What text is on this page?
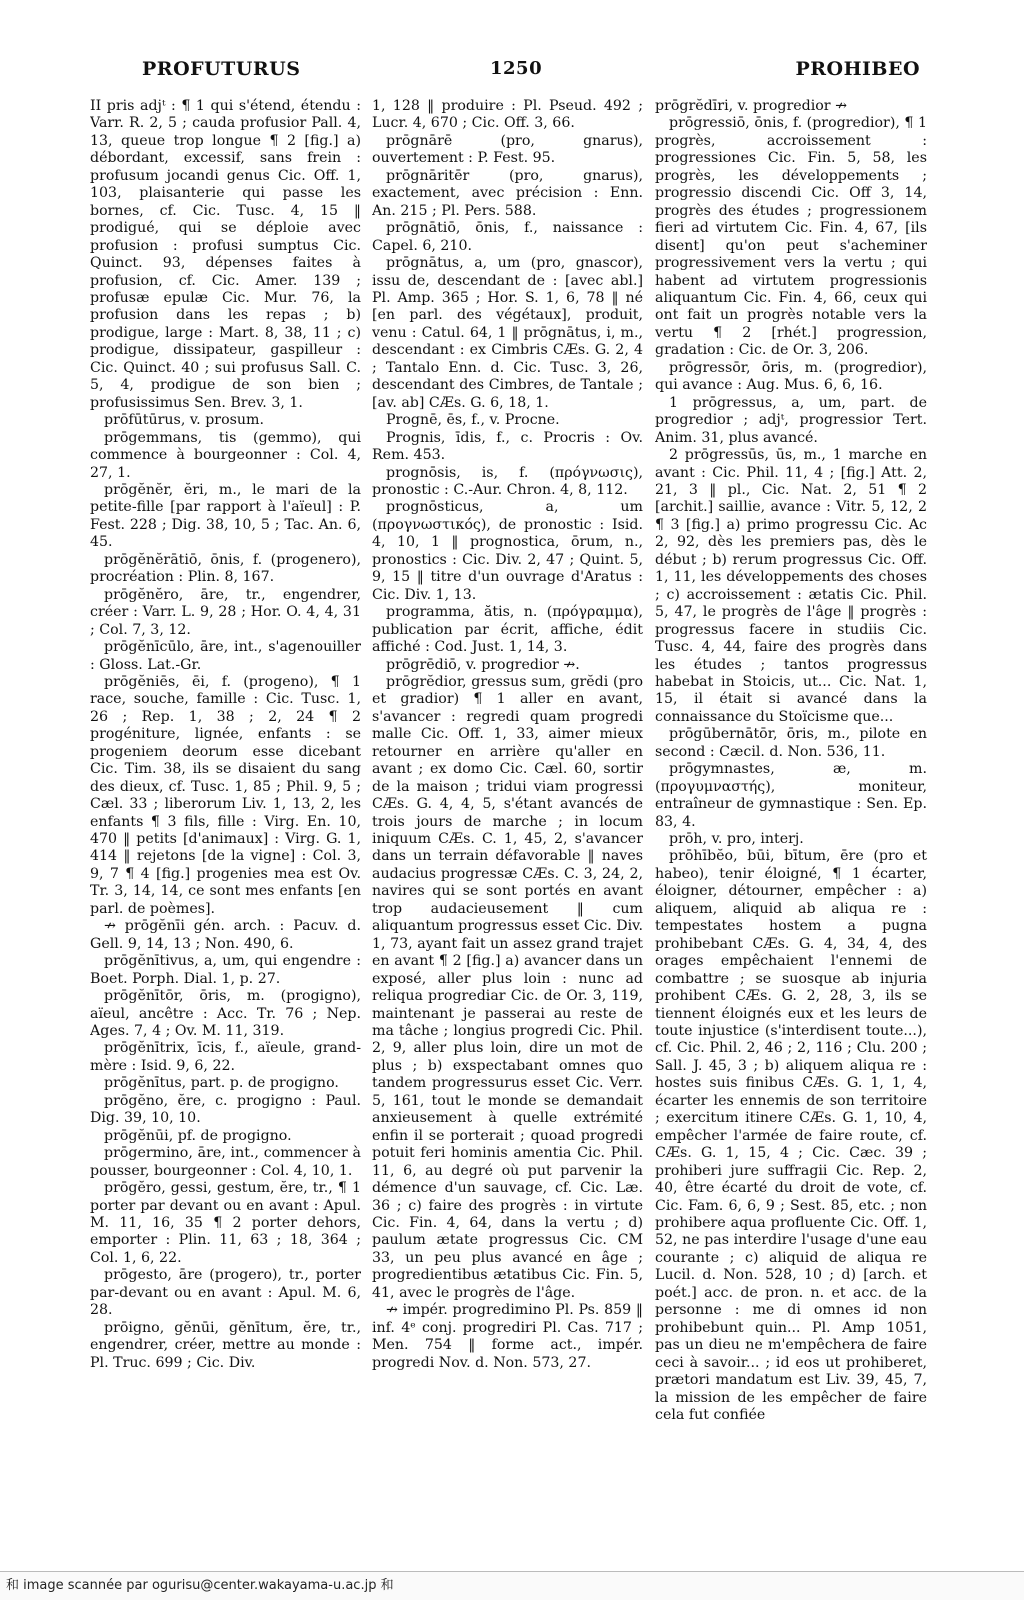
PROFUTURUS	1250	PROHIBEO

II pris adjᵗ : ¶ 1 qui s'étend, étendu : Varr. R. 2, 5 ; cauda profusior Pall. 4, 13, queue trop longue ¶ 2 [fig.] a) débordant, excessif, sans frein : profusum jocandi genus Cic. Off. 1, 103, plaisanterie qui passe les bornes, cf. Cic. Tusc. 4, 15 ‖ prodigué, qui se déploie avec profusion : profusi sumptus Cic. Quinct. 93, dépenses faites à profusion, cf. Cic. Amer. 139 ; profusæ epulæ Cic. Mur. 76, la profusion dans les repas ; b) prodigue, large : Mart. 8, 38, 11 ; c) prodigue, dissipateur, gaspilleur : Cic. Quinct. 40 ; sui profusus Sall. C. 5, 4, prodigue de son bien ; profusissimus Sen. Brev. 3, 1.

prōfūtūrus, v. prosum.

prōgemmans, tis (gemmo), qui commence à bourgeonner : Col. 4, 27, 1.

prōgĕnĕr, ĕri, m., le mari de la petite-fille [par rapport à l'aïeul] : P. Fest. 228 ; Dig. 38, 10, 5 ; Tac. An. 6, 45.

prōgĕnĕrātiō, ōnis, f. (progenero), procréation : Plin. 8, 167.

prōgĕnĕro, āre, tr., engendrer, créer : Varr. L. 9, 28 ; Hor. O. 4, 4, 31 ; Col. 7, 3, 12.

prōgĕnīcūlo, āre, int., s'agenouiller : Gloss. Lat.-Gr.

prōgĕniēs, ēi, f. (progeno), ¶ 1 race, souche, famille : Cic. Tusc. 1, 26 ; Rep. 1, 38 ; 2, 24 ¶ 2 progéniture, lignée, enfants : se progeniem deorum esse dicebant Cic. Tim. 38, ils se disaient du sang des dieux, cf. Tusc. 1, 85 ; Phil. 9, 5 ; Cæl. 33 ; liberorum Liv. 1, 13, 2, les enfants ¶ 3 fils, fille : Virg. En. 10, 470 ‖ petits [d'animaux] : Virg. G. 1, 414 ‖ rejetons [de la vigne] : Col. 3, 9, 7 ¶ 4 [fig.] progenies mea est Ov. Tr. 3, 14, 14, ce sont mes enfants [en parl. de poèmes].

↛ prōgĕnīi gén. arch. : Pacuv. d. Gell. 9, 14, 13 ; Non. 490, 6.

prōgĕnītivus, a, um, qui engendre : Boet. Porph. Dial. 1, p. 27.

prōgĕnītōr, ōris, m. (progigno), aïeul, ancêtre : Acc. Tr. 76 ; Nep. Ages. 7, 4 ; Ov. M. 11, 319.

prōgĕnītrix, īcis, f., aïeule, grand-mère : Isid. 9, 6, 22.

prōgĕnītus, part. p. de progigno.

prōgĕno, ĕre, c. progigno : Paul. Dig. 39, 10, 10.

prōgĕnūi, pf. de progigno.

prōgermino, āre, int., commencer à pousser, bourgeonner : Col. 4, 10, 1.

prōgĕro, gessi, gestum, ĕre, tr., ¶ 1 porter par devant ou en avant : Apul. M. 11, 16, 35 ¶ 2 porter dehors, emporter : Plin. 11, 63 ; 18, 364 ; Col. 1, 6, 22.

prōgesto, āre (progero), tr., porter par-devant ou en avant : Apul. M. 6, 28.

prōigno, gĕnūi, gĕnītum, ĕre, tr., engendrer, créer, mettre au monde : Pl. Truc. 699 ; Cic. Div.

1, 128 ‖ produire : Pl. Pseud. 492 ; Lucr. 4, 670 ; Cic. Off. 3, 66.

prōgnārē (pro, gnarus), ouvertement : P. Fest. 95.

prōgnāritēr (pro, gnarus), exactement, avec précision : Enn. An. 215 ; Pl. Pers. 588.

prōgnātiō, ōnis, f., naissance : Capel. 6, 210.

prōgnātus, a, um (pro, gnascor), issu de, descendant de : [avec abl.] Pl. Amp. 365 ; Hor. S. 1, 6, 78 ‖ né [en parl. des végétaux], produit, venu : Catul. 64, 1 ‖ prōgnātus, i, m., descendant : ex Cimbris CÆs. G. 2, 4 ; Tantalo Enn. d. Cic. Tusc. 3, 26, descendant des Cimbres, de Tantale ; [av. ab] CÆs. G. 6, 18, 1.

Prognē, ēs, f., v. Procne.

Prognis, īdis, f., c. Procris : Ov. Rem. 453.

prognōsis, is, f. (πρόγνωσις), pronostic : C.-Aur. Chron. 4, 8, 112.

prognōsticus, a, um (προγνωστικός), de pronostic : Isid. 4, 10, 1 ‖ prognostica, ōrum, n., pronostics : Cic. Div. 2, 47 ; Quint. 5, 9, 15 ‖ titre d'un ouvrage d'Aratus : Cic. Div. 1, 13.

programma, ătis, n. (πρόγραμμα), publication par écrit, affiche, édit affiché : Cod. Just. 1, 14, 3.

prōgrēdiō, v. progredior ↛.

prōgrĕdior, gressus sum, grĕdi (pro et gradior) ¶ 1 aller en avant, s'avancer : regredi quam progredi malle Cic. Off. 1, 33, aimer mieux retourner en arrière qu'aller en avant ; ex domo Cic. Cæl. 60, sortir de la maison ; tridui viam progressi CÆs. G. 4, 4, 5, s'étant avancés de trois jours de marche ; in locum iniquum CÆs. C. 1, 45, 2, s'avancer dans un terrain défavorable ‖ naves audacius progressæ CÆs. C. 3, 24, 2, navires qui se sont portés en avant trop audacieusement ‖ cum aliquantum progressus esset Cic. Div. 1, 73, ayant fait un assez grand trajet en avant ¶ 2 [fig.] a) avancer dans un exposé, aller plus loin : nunc ad reliqua progrediar Cic. de Or. 3, 119, maintenant je passerai au reste de ma tâche ; longius progredi Cic. Phil. 2, 9, aller plus loin, dire un mot de plus ; b) exspectabant omnes quo tandem progressurus esset Cic. Verr. 5, 161, tout le monde se demandait anxieusement à quelle extrémité enfin il se porterait ; quoad progredi potuit feri hominis amentia Cic. Phil. 11, 6, au degré où put parvenir la démence d'un sauvage, cf. Cic. Læ. 36 ; c) faire des progrès : in virtute Cic. Fin. 4, 64, dans la vertu ; d) paulum ætate progressus Cic. CM 33, un peu plus avancé en âge ; progredientibus ætatibus Cic. Fin. 5, 41, avec le progrès de l'âge.

↛ impér. progredimino Pl. Ps. 859 ‖ inf. 4ᵉ conj. progrediri Pl. Cas. 717 ; Men. 754 ‖ forme act., impér. progredi Nov. d. Non. 573, 27.

prōgrĕdīri, v. progredior ↛

prōgressiō, ōnis, f. (progredior), ¶ 1 progrès, accroissement : progressiones Cic. Fin. 5, 58, les progrès, les développements ; progressio discendi Cic. Off 3, 14, progrès des études ; progressionem fieri ad virtutem Cic. Fin. 4, 67, [ils disent] qu'on peut s'acheminer progressivement vers la vertu ; qui habent ad virtutem progressionis aliquantum Cic. Fin. 4, 66, ceux qui ont fait un progrès notable vers la vertu ¶ 2 [rhét.] progression, gradation : Cic. de Or. 3, 206.

prōgressōr, ōris, m. (progredior), qui avance : Aug. Mus. 6, 6, 16.

1 prōgressus, a, um, part. de progredior ; adjᵗ, progressior Tert. Anim. 31, plus avancé.

2 prōgressūs, ūs, m., 1 marche en avant : Cic. Phil. 11, 4 ; [fig.] Att. 2, 21, 3 ‖ pl., Cic. Nat. 2, 51 ¶ 2 [archit.] saillie, avance : Vitr. 5, 12, 2 ¶ 3 [fig.] a) primo progressu Cic. Ac 2, 92, dès les premiers pas, dès le début ; b) rerum progressus Cic. Off. 1, 11, les développements des choses ; c) accroissement : ætatis Cic. Phil. 5, 47, le progrès de l'âge ‖ progrès : progressus facere in studiis Cic. Tusc. 4, 44, faire des progrès dans les études ; tantos progressus habebat in Stoicis, ut... Cic. Nat. 1, 15, il était si avancé dans la connaissance du Stoïcisme que...

prōgūbernātōr, ōris, m., pilote en second : Cæcil. d. Non. 536, 11.

prōgymnastes, æ, m. (προγυμναστής), moniteur, entraîneur de gymnastique : Sen. Ep. 83, 4.

prōh, v. pro, interj.

prōhībĕo, būi, bītum, ēre (pro et habeo), tenir éloigné, ¶ 1 écarter, éloigner, détourner, empêcher : a) aliquem, aliquid ab aliqua re : tempestates hostem a pugna prohibebant CÆs. G. 4, 34, 4, des orages empêchaient l'ennemi de combattre ; se suosque ab injuria prohibent CÆs. G. 2, 28, 3, ils se tiennent éloignés eux et les leurs de toute injustice (s'interdisent toute...), cf. Cic. Phil. 2, 46 ; 2, 116 ; Clu. 200 ; Sall. J. 45, 3 ; b) aliquem aliqua re : hostes suis finibus CÆs. G. 1, 1, 4, écarter les ennemis de son territoire ; exercitum itinere CÆs. G. 1, 10, 4, empêcher l'armée de faire route, cf. CÆs. G. 1, 15, 4 ; Cic. Cæc. 39 ; prohiberi jure suffragii Cic. Rep. 2, 40, être écarté du droit de vote, cf. Cic. Fam. 6, 6, 9 ; Sest. 85, etc. ; non prohibere aqua profluente Cic. Off. 1, 52, ne pas interdire l'usage d'une eau courante ; c) aliquid de aliqua re Lucil. d. Non. 528, 10 ; d) [arch. et poét.] acc. de pron. n. et acc. de la personne : me di omnes id non prohibebunt quin... Pl. Amp 1051, pas un dieu ne m'empêchera de faire ceci à savoir... ; id eos ut prohiberet, prætori mandatum est Liv. 39, 45, 7, la mission de les empêcher de faire cela fut confiée

和 image scannée par ogurisu@center.wakayama-u.ac.jp 和
